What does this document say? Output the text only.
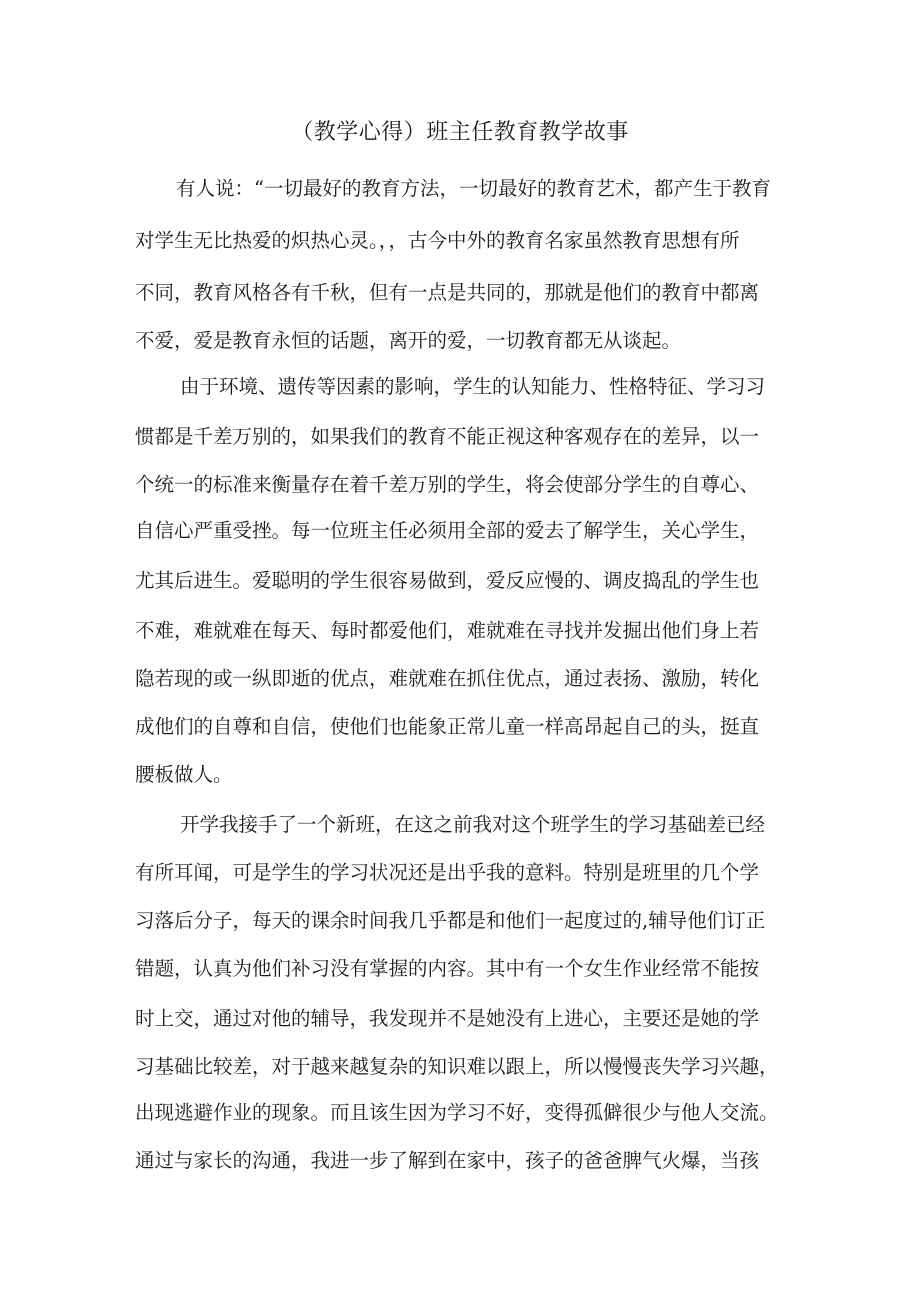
（教学心得）班主任教育教学故事
有人说：“一切最好的教育方法，一切最好的教育艺术，都产生于教育
对学生无比热爱的炽热心灵。，，古今中外的教育名家虽然教育思想有所
不同，教育风格各有千秋，但有一点是共同的，那就是他们的教育中都离
不爱，爱是教育永恒的话题，离开的爱，一切教育都无从谈起。
由于环境、遗传等因素的影响，学生的认知能力、性格特征、学习习
惯都是千差万别的，如果我们的教育不能正视这种客观存在的差异，以一
个统一的标准来衡量存在着千差万别的学生，将会使部分学生的自尊心、
自信心严重受挫。每一位班主任必须用全部的爱去了解学生，关心学生，
尤其后进生。爱聪明的学生很容易做到，爱反应慢的、调皮捣乱的学生也
不难，难就难在每天、每时都爱他们，难就难在寻找并发掘出他们身上若
隐若现的或一纵即逝的优点，难就难在抓住优点，通过表扬、激励，转化
成他们的自尊和自信，使他们也能象正常儿童一样高昂起自己的头，挺直
腰板做人。
开学我接手了一个新班，在这之前我对这个班学生的学习基础差已经
有所耳闻，可是学生的学习状况还是出乎我的意料。特别是班里的几个学
习落后分子，每天的课余时间我几乎都是和他们一起度过的,辅导他们订正
错题，认真为他们补习没有掌握的内容。其中有一个女生作业经常不能按
时上交，通过对他的辅导，我发现并不是她没有上进心，主要还是她的学
习基础比较差，对于越来越复杂的知识难以跟上，所以慢慢丧失学习兴趣，
出现逃避作业的现象。而且该生因为学习不好，变得孤僻很少与他人交流。
通过与家长的沟通，我进一步了解到在家中，孩子的爸爸脾气火爆，当孩
